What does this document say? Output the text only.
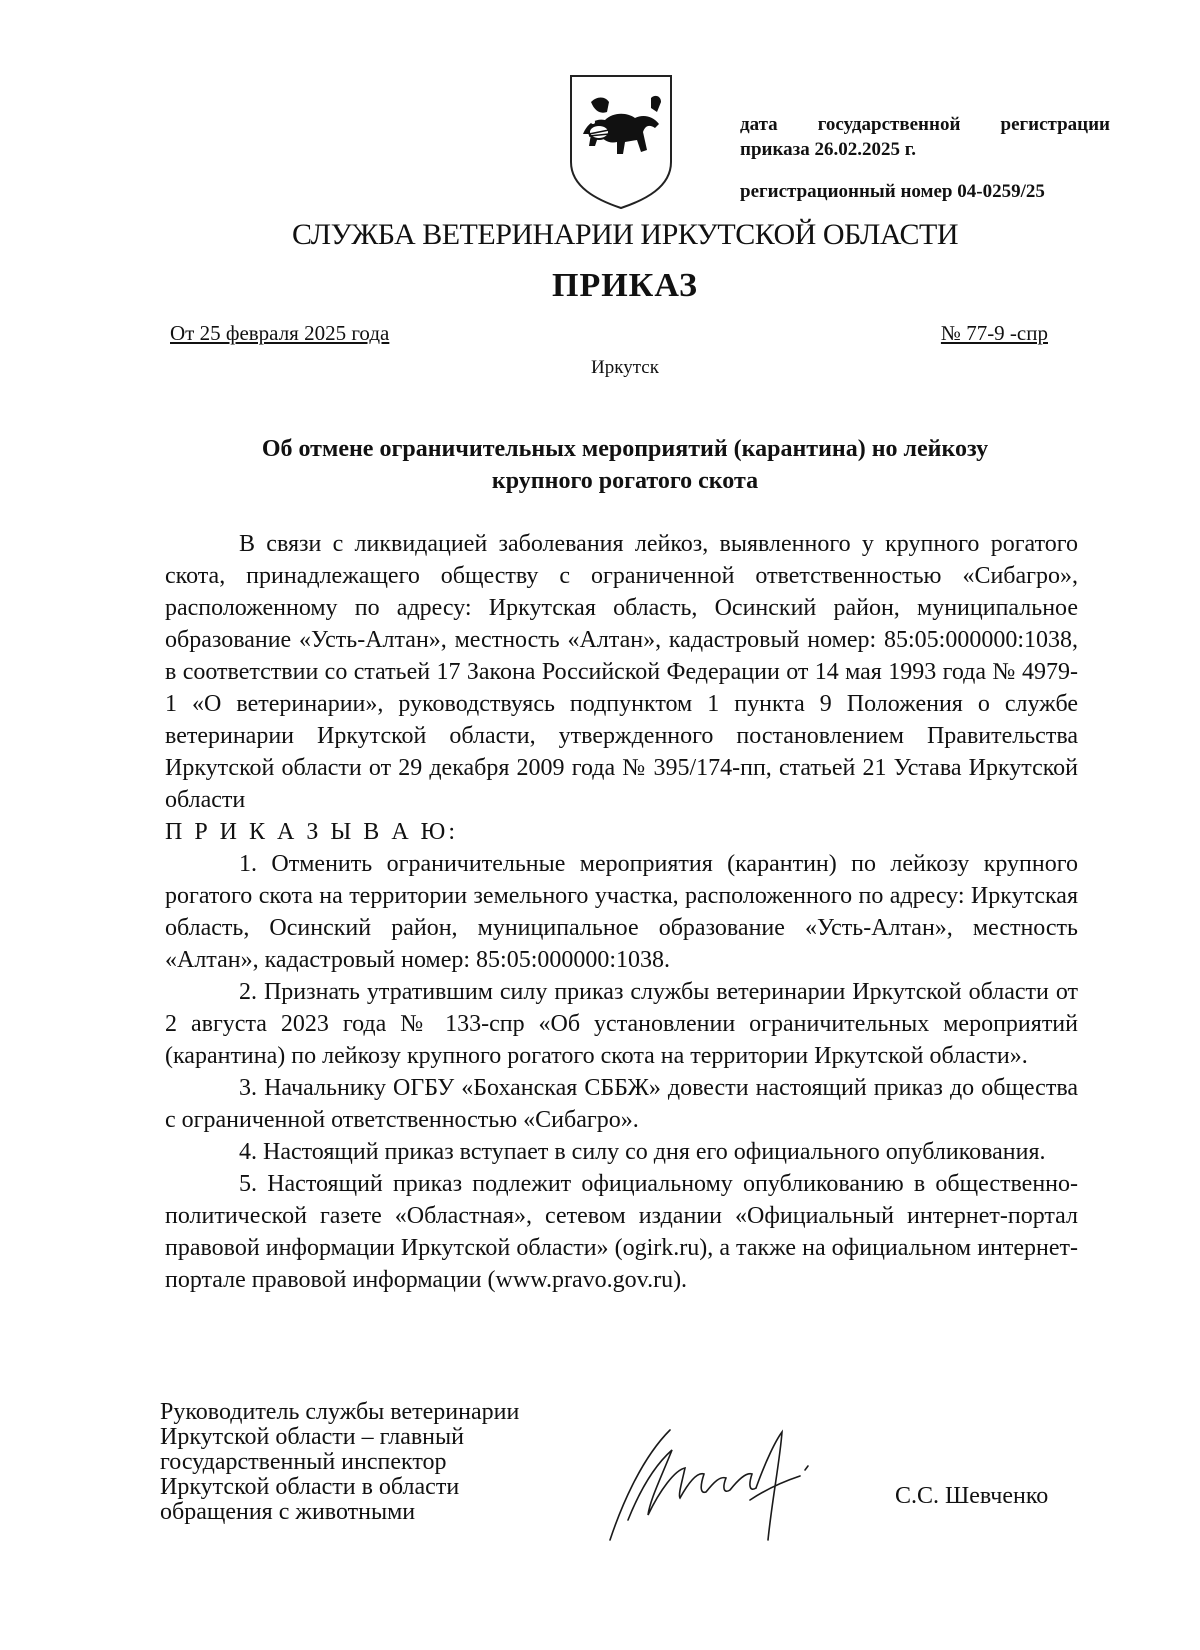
дата государственной регистрации
приказа 26.02.2025 г.
регистрационный номер 04-0259/25
СЛУЖБА ВЕТЕРИНАРИИ ИРКУТСКОЙ ОБЛАСТИ
ПРИКАЗ
От 25 февраля 2025 года	№ 77-9 -спр
Иркутск
Об отмене ограничительных мероприятий (карантина) но лейкозу
крупного рогатого скота

В связи с ликвидацией заболевания лейкоз, выявленного у крупного рогатого скота, принадлежащего обществу с ограниченной ответственностью «Сибагро», расположенному по адресу: Иркутская область, Осинский район, муниципальное образование «Усть-Алтан», местность «Алтан», кадастровый номер: 85:05:000000:1038, в соответствии со статьей 17 Закона Российской Федерации от 14 мая 1993 года № 4979-1 «О ветеринарии», руководствуясь подпунктом 1 пункта 9 Положения о службе ветеринарии Иркутской области, утвержденного постановлением Правительства Иркутской области от 29 декабря 2009 года № 395/174-пп, статьей 21 Устава Иркутской области

П Р И К А З Ы В А Ю:

1. Отменить ограничительные мероприятия (карантин) по лейкозу крупного рогатого скота на территории земельного участка, расположенного по адресу: Иркутская область, Осинский район, муниципальное образование «Усть-Алтан», местность «Алтан», кадастровый номер: 85:05:000000:1038.

2. Признать утратившим силу приказ службы ветеринарии Иркутской области от 2 августа 2023 года № 133-спр «Об установлении ограничительных мероприятий (карантина) по лейкозу крупного рогатого скота на территории Иркутской области».

3. Начальнику ОГБУ «Боханская СББЖ» довести настоящий приказ до общества с ограниченной ответственностью «Сибагро».

4. Настоящий приказ вступает в силу со дня его официального опубликования.

5. Настоящий приказ подлежит официальному опубликованию в общественно-политической газете «Областная», сетевом издании «Официальный интернет-портал правовой информации Иркутской области» (ogirk.ru), а также на официальном интернет-портале правовой информации (www.pravo.gov.ru).

Руководитель службы ветеринарии
Иркутской области – главный
государственный инспектор
Иркутской области в области
обращения с животными
С.С. Шевченко
